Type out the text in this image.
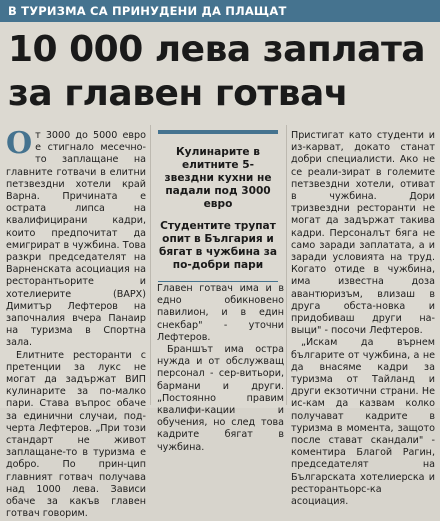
В ТУРИЗМА СА ПРИНУДЕНИ ДА ПЛАЩАТ
10 000 лева заплата
за главен готвач

От 3000 до 5000 евро е стигнало месечно-то заплащане на главните готвачи в елитни петзвездни хотели край Варна. Причината е острата липса на квалифицирани кадри, които предпочитат да емигрират в чужбина. Това разкри председателят на Варненската асоциация на ресторантьорите и хотелиерите (ВАРХ) Димитър Лефтеров на започналия вчера Панаир на туризма в Спортна зала.

Елитните ресторанти с претенции за лукс не могат да задържат ВИП кулинарите за по-малко пари. Става въпрос обаче за единични случаи, под-черта Лефтеров. „При този стандарт не живот заплащане-то в туризма е добро. По прин-цип главният готвач получава над 1000 лева. Зависи обаче за какъв главен готвач говорим.

Кулинарите в елитните 5-звездни кухни не падали под 3000 евро

Студентите трупат опит в България и бягат в чужбина за по-добри пари

Главен готвач има и в едно обикновено павилион, и в един снекбар" - уточни Лефтеров.

Браншът има остра нужда и от обслужващ персонал - сер-витьори, бармани и други. „Постоянно правим квалифи-кации и обучения, но след това кадрите бягат в чужбина.

Пристигат като студенти и из-карват, докато станат добри специалисти. Ако не се реали-зират в големите петзвездни хотели, отиват в чужбина. Дори тризвездни ресторанти не могат да задържат такива кадри. Персоналът бяга не само заради заплатата, а и заради условията на труд. Когато отиде в чужбина, има известна доза авантюризъм, влизаш в друга обста-новка и придобиваш други на-выци" - посочи Лефтеров.

„Искам да върнем българите от чужбина, а не да внасяме кадри за туризма от Тайланд и други екзотични страни. Не ис-кам да казвам колко получават кадрите в туризма в момента, защото после стават скандали" - коментира Благой Рагин, председателят на Българската хотелиерска и ресторантьорс-ка асоциация.
